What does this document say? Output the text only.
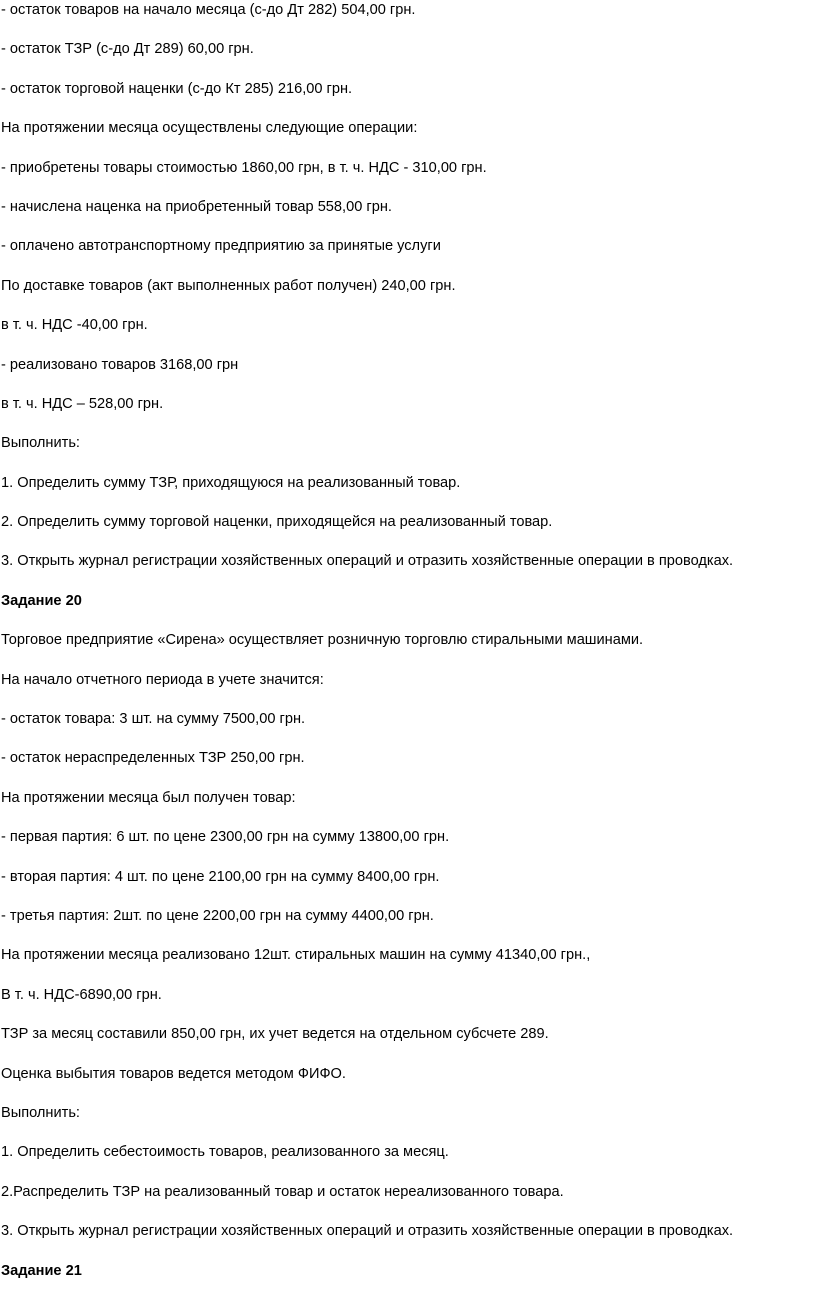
- остаток товаров на начало месяца (с-до Дт 282) 504,00 грн.

- остаток ТЗР (с-до Дт 289) 60,00 грн.

- остаток торговой наценки (с-до Кт 285) 216,00 грн.

На протяжении месяца осуществлены следующие операции:

- приобретены товары стоимостью 1860,00 грн, в т. ч. НДС - 310,00 грн.

- начислена наценка на приобретенный товар 558,00 грн.

- оплачено автотранспортному предприятию за принятые услуги

По доставке товаров (акт выполненных работ получен) 240,00 грн.

в т. ч. НДС -40,00 грн.

- реализовано товаров 3168,00 грн

в т. ч. НДС – 528,00 грн.

Выполнить:

1. Определить сумму ТЗР, приходящуюся на реализованный товар.

2. Определить сумму торговой наценки, приходящейся на реализованный товар.

3. Открыть журнал регистрации хозяйственных операций и отразить хозяйственные операции в проводках.

Задание 20

Торговое предприятие «Сирена» осуществляет розничную торговлю стиральными машинами.

На начало отчетного периода в учете значится:

- остаток товара: 3 шт. на сумму 7500,00 грн.

- остаток нераспределенных ТЗР 250,00 грн.

На протяжении месяца был получен товар:

- первая партия: 6 шт. по цене 2300,00 грн на сумму 13800,00 грн.

- вторая партия: 4 шт. по цене 2100,00 грн на сумму 8400,00 грн.

- третья партия: 2шт. по цене 2200,00 грн на сумму 4400,00 грн.

На протяжении месяца реализовано 12шт. стиральных машин на сумму 41340,00 грн.,

В т. ч. НДС-6890,00 грн.

ТЗР за месяц составили 850,00 грн, их учет ведется на отдельном субсчете 289.

Оценка выбытия товаров ведется методом ФИФО.

Выполнить:

1. Определить себестоимость товаров, реализованного за месяц.

2.Распределить ТЗР на реализованный товар и остаток нереализованного товара.

3. Открыть журнал регистрации хозяйственных операций и отразить хозяйственные операции в проводках.

Задание 21
